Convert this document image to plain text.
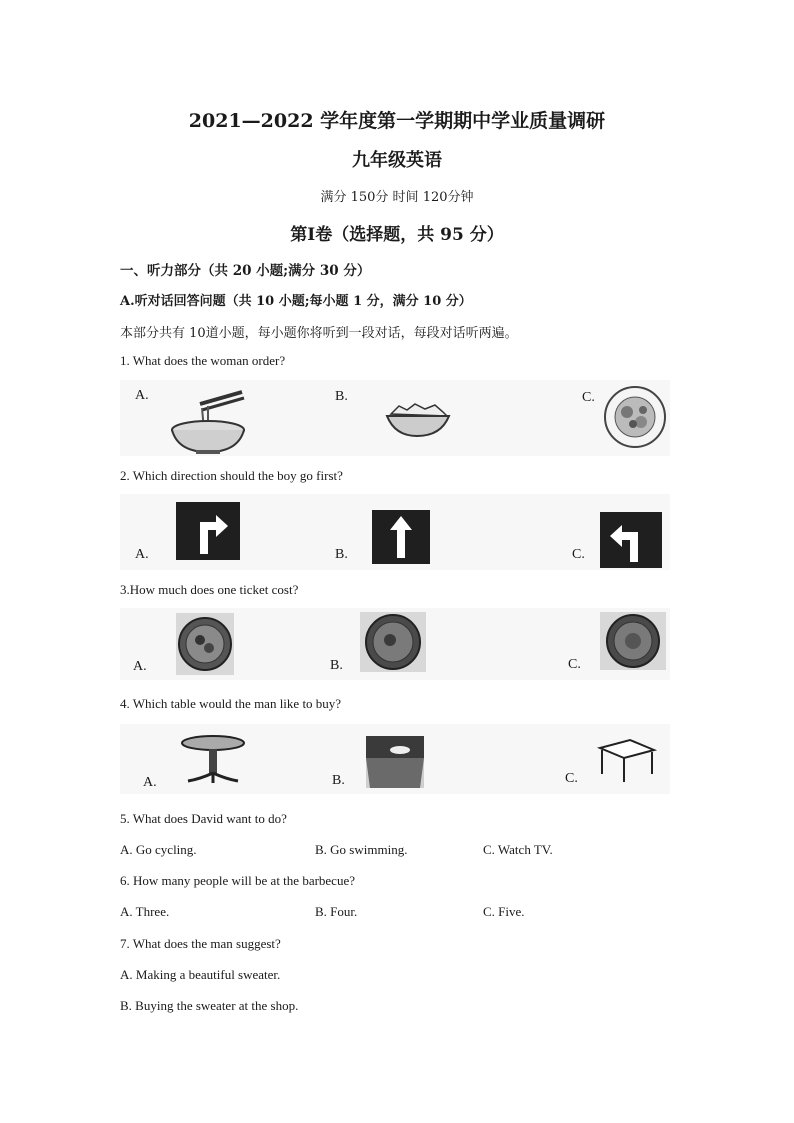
2021—2022 学年度第一学期期中学业质量调研
九年级英语
满分 150分 时间 120分钟
第Ⅰ卷（选择题，共 95 分）
一、听力部分（共 20 小题;满分 30 分）
A.听对话回答问题（共 10 小题;每小题 1 分，满分 10 分）
本部分共有 10道小题，每小题你将听到一段对话，每段对话听两遍。
1. What does the woman order?
A.	B.	C.
2. Which direction should the boy go first?
A.	B.	C.
3.How much does one ticket cost?
A.	B.	C.
4. Which table would the man like to buy?
A.	B.	C.
5. What does David want to do?
A. Go cycling.	B. Go swimming.	C. Watch TV.
6. How many people will be at the barbecue?
A. Three.	B. Four.	C. Five.
7. What does the man suggest?
A. Making a beautiful sweater.
B. Buying the sweater at the shop.
